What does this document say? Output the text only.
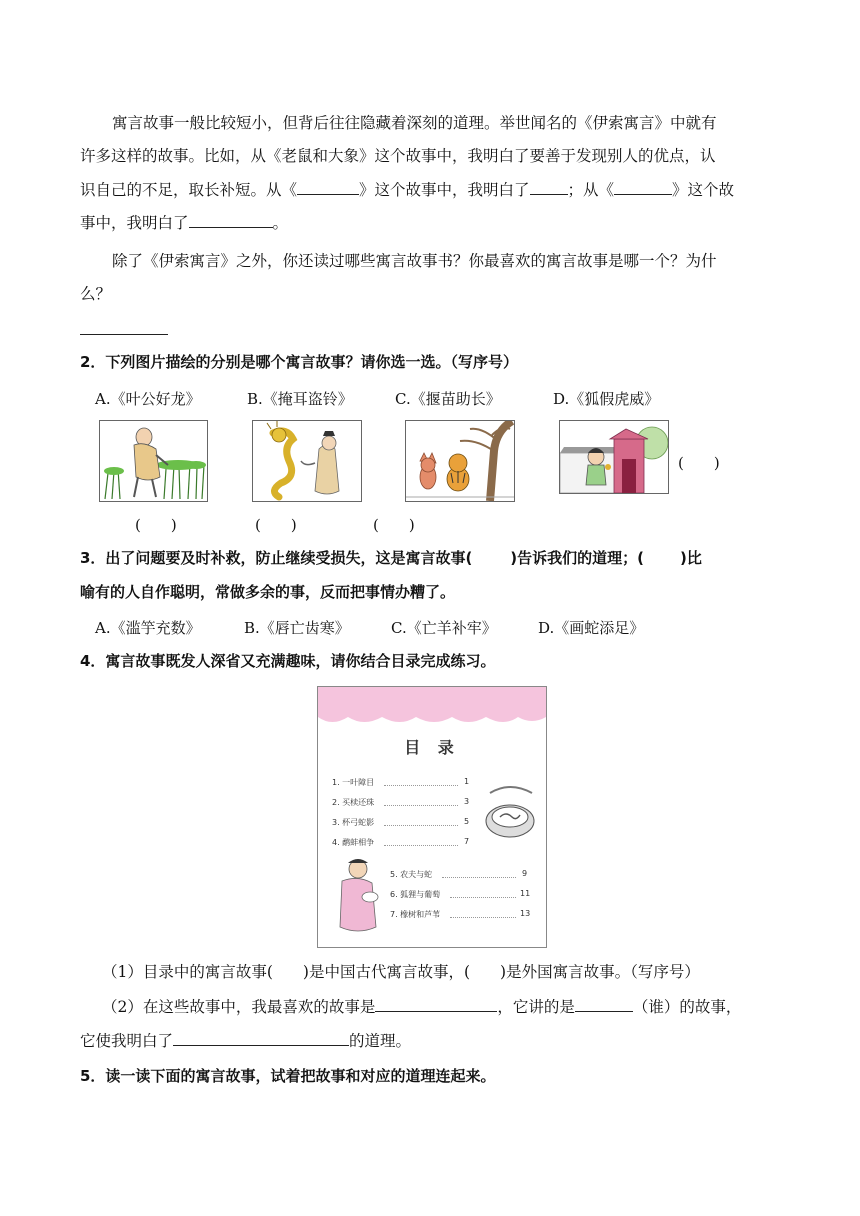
寓言故事一般比较短小，但背后往往隐藏着深刻的道理。举世闻名的《伊索寓言》中就有
许多这样的故事。比如，从《老鼠和大象》这个故事中，我明白了要善于发现别人的优点，认
识自己的不足，取长补短。从《	》这个故事中，我明白了 ；从《	》这个故
事中，我明白了	。
除了《伊索寓言》之外，你还读过哪些寓言故事书？你最喜欢的寓言故事是哪一个？为什
么？
2．下列图片描绘的分别是哪个寓言故事？请你选一选。（写序号）
A.《叶公好龙》	B.《掩耳盗铃》	C.《揠苗助长》	D.《狐假虎威》
(　　)
(　　)	(　　)	(　　)
3．出了问题要及时补救，防止继续受损失，这是寓言故事(	)告诉我们的道理；( )比
喻有的人自作聪明，常做多余的事，反而把事情办糟了。
A.《滥竽充数》	B.《唇亡齿寒》	C.《亡羊补牢》	D.《画蛇添足》
4．寓言故事既发人深省又充满趣味，请你结合目录完成练习。
目 录
1. 一叶障目	1
2. 买椟还珠	3
3. 杯弓蛇影	5
4. 鹬蚌相争	7
5. 农夫与蛇	9
6. 狐狸与葡萄	11
7. 橡树和芦苇	13
（1）目录中的寓言故事( )是中国古代寓言故事，( )是外国寓言故事。（写序号）
（2）在这些故事中，我最喜欢的故事是	，它讲的是	（谁）的故事，
它使我明白了	的道理。
5．读一读下面的寓言故事，试着把故事和对应的道理连起来。
